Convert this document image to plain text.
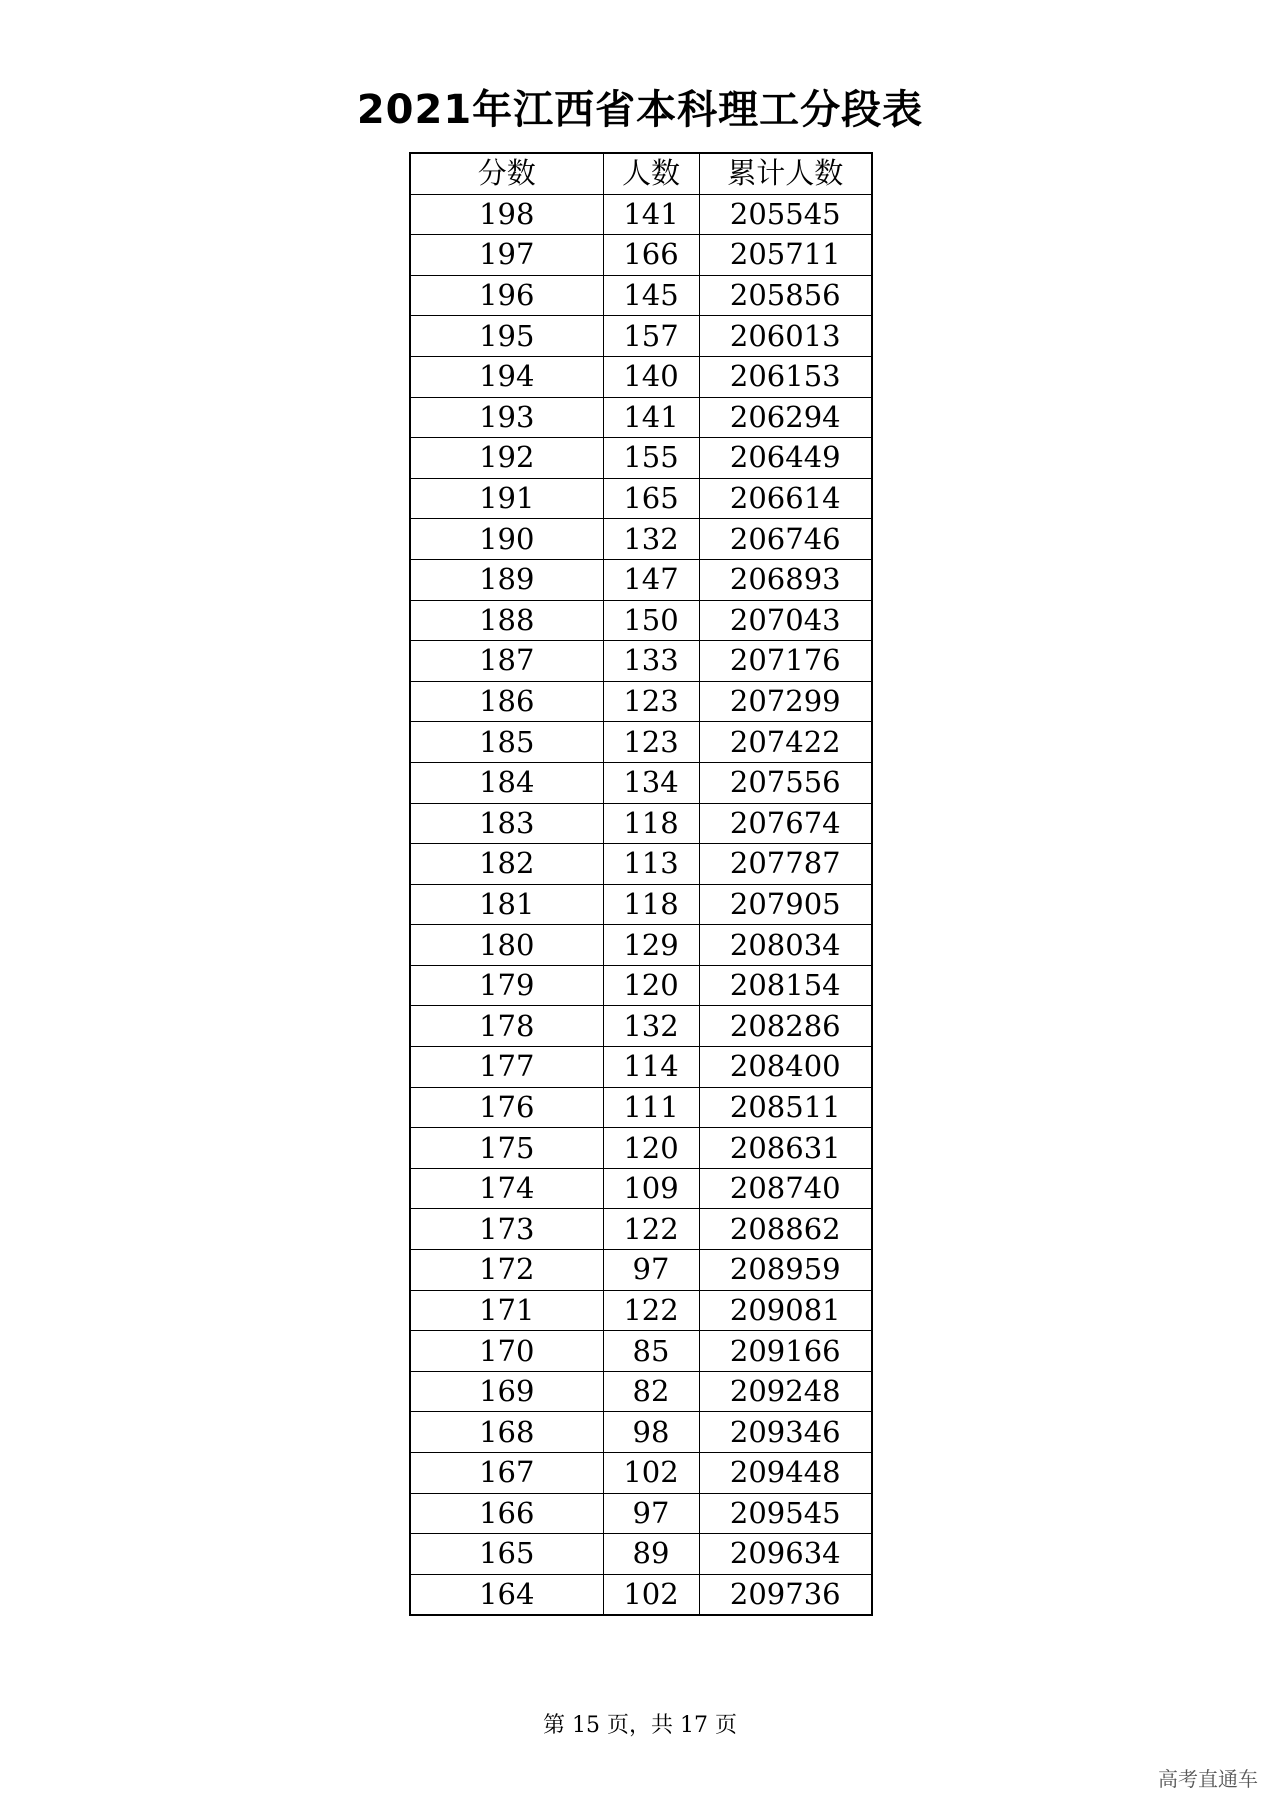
2021年江西省本科理工分段表
分数	人数	累计人数
198	141	205545
197	166	205711
196	145	205856
195	157	206013
194	140	206153
193	141	206294
192	155	206449
191	165	206614
190	132	206746
189	147	206893
188	150	207043
187	133	207176
186	123	207299
185	123	207422
184	134	207556
183	118	207674
182	113	207787
181	118	207905
180	129	208034
179	120	208154
178	132	208286
177	114	208400
176	111	208511
175	120	208631
174	109	208740
173	122	208862
172	97	208959
171	122	209081
170	85	209166
169	82	209248
168	98	209346
167	102	209448
166	97	209545
165	89	209634
164	102	209736
第 15 页，共 17 页
高考直通车
